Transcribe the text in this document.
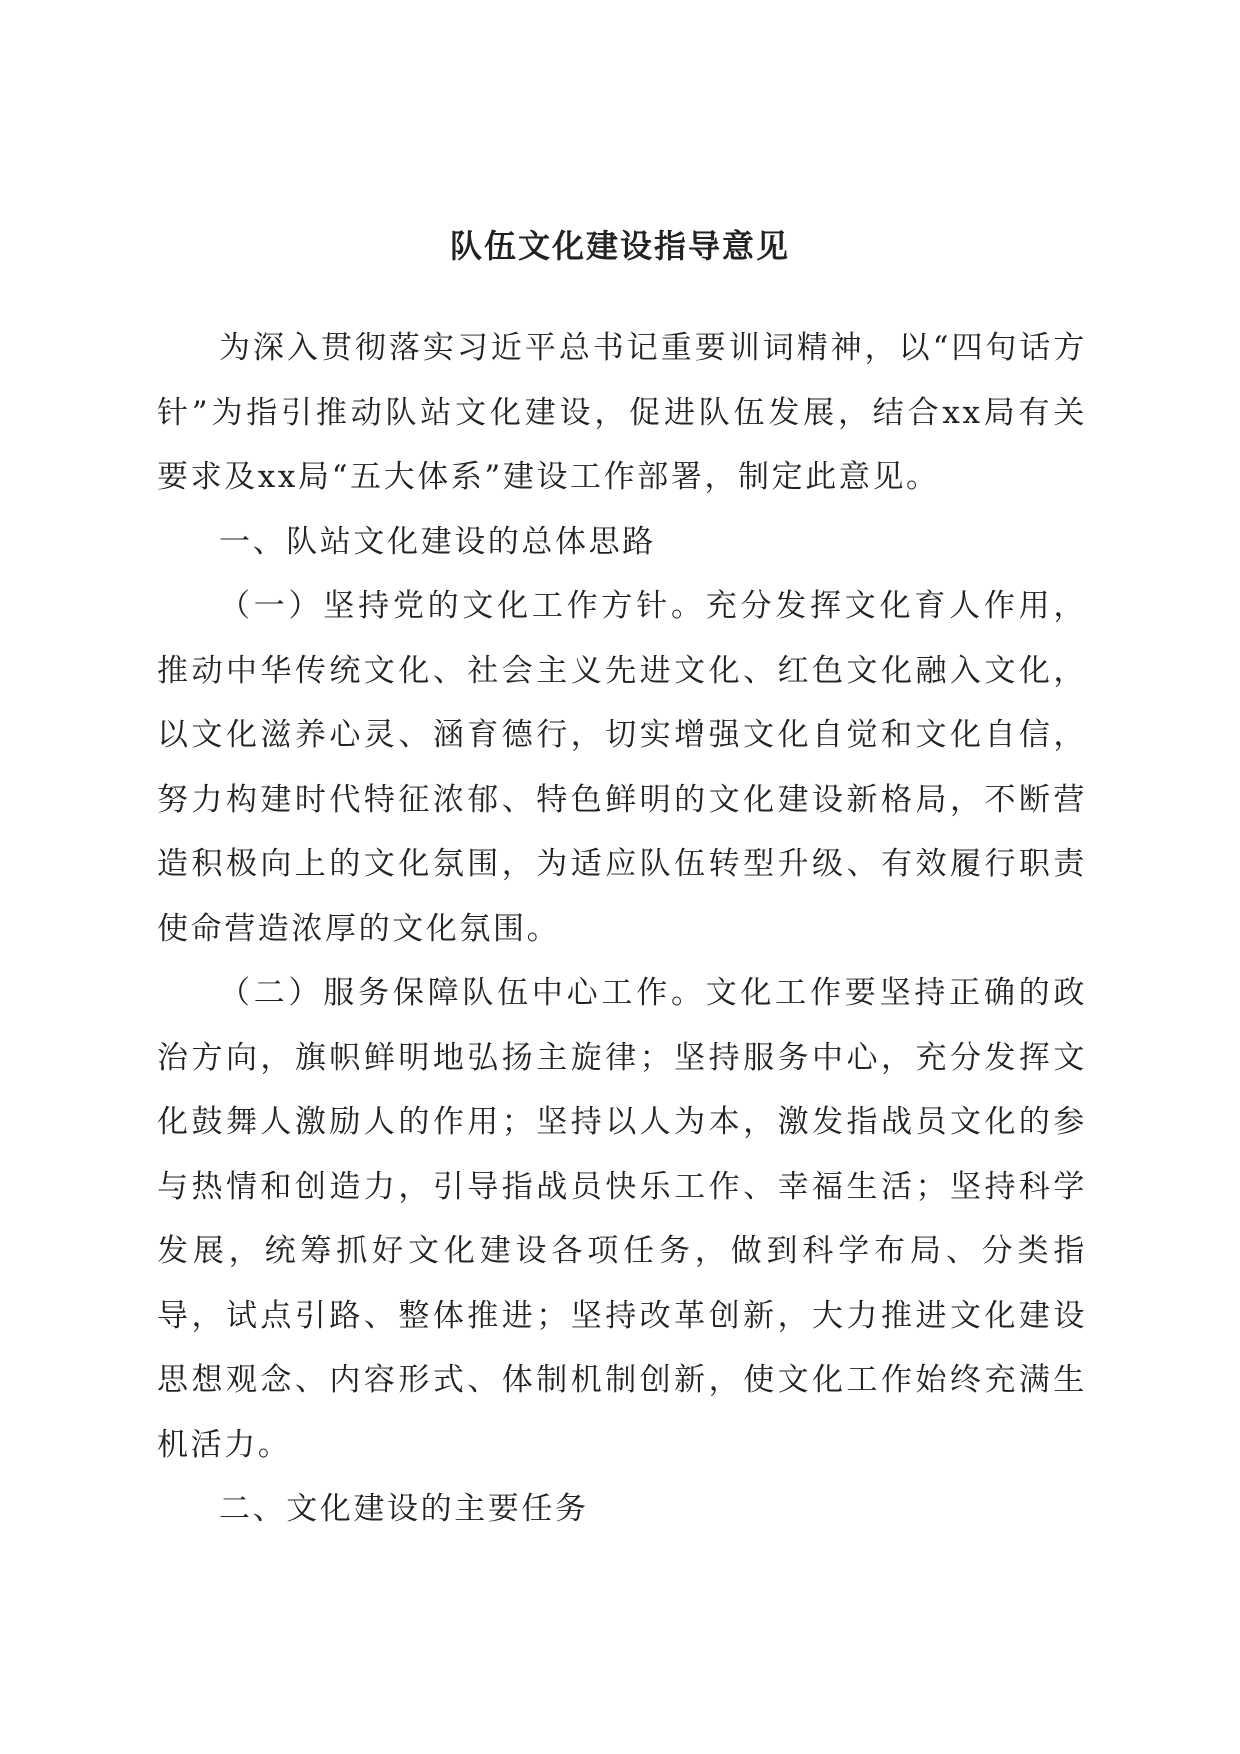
队伍文化建设指导意见

为深入贯彻落实习近平总书记重要训词精神，以“四句话方针”为指引推动队站文化建设，促进队伍发展，结合xx局有关要求及xx局“五大体系”建设工作部署，制定此意见。

一、队站文化建设的总体思路

（一）坚持党的文化工作方针。充分发挥文化育人作用，推动中华传统文化、社会主义先进文化、红色文化融入文化，以文化滋养心灵、涵育德行，切实增强文化自觉和文化自信，努力构建时代特征浓郁、特色鲜明的文化建设新格局，不断营造积极向上的文化氛围，为适应队伍转型升级、有效履行职责使命营造浓厚的文化氛围。

（二）服务保障队伍中心工作。文化工作要坚持正确的政治方向，旗帜鲜明地弘扬主旋律；坚持服务中心，充分发挥文化鼓舞人激励人的作用；坚持以人为本，激发指战员文化的参与热情和创造力，引导指战员快乐工作、幸福生活；坚持科学发展，统筹抓好文化建设各项任务，做到科学布局、分类指导，试点引路、整体推进；坚持改革创新，大力推进文化建设思想观念、内容形式、体制机制创新，使文化工作始终充满生机活力。

二、文化建设的主要任务
